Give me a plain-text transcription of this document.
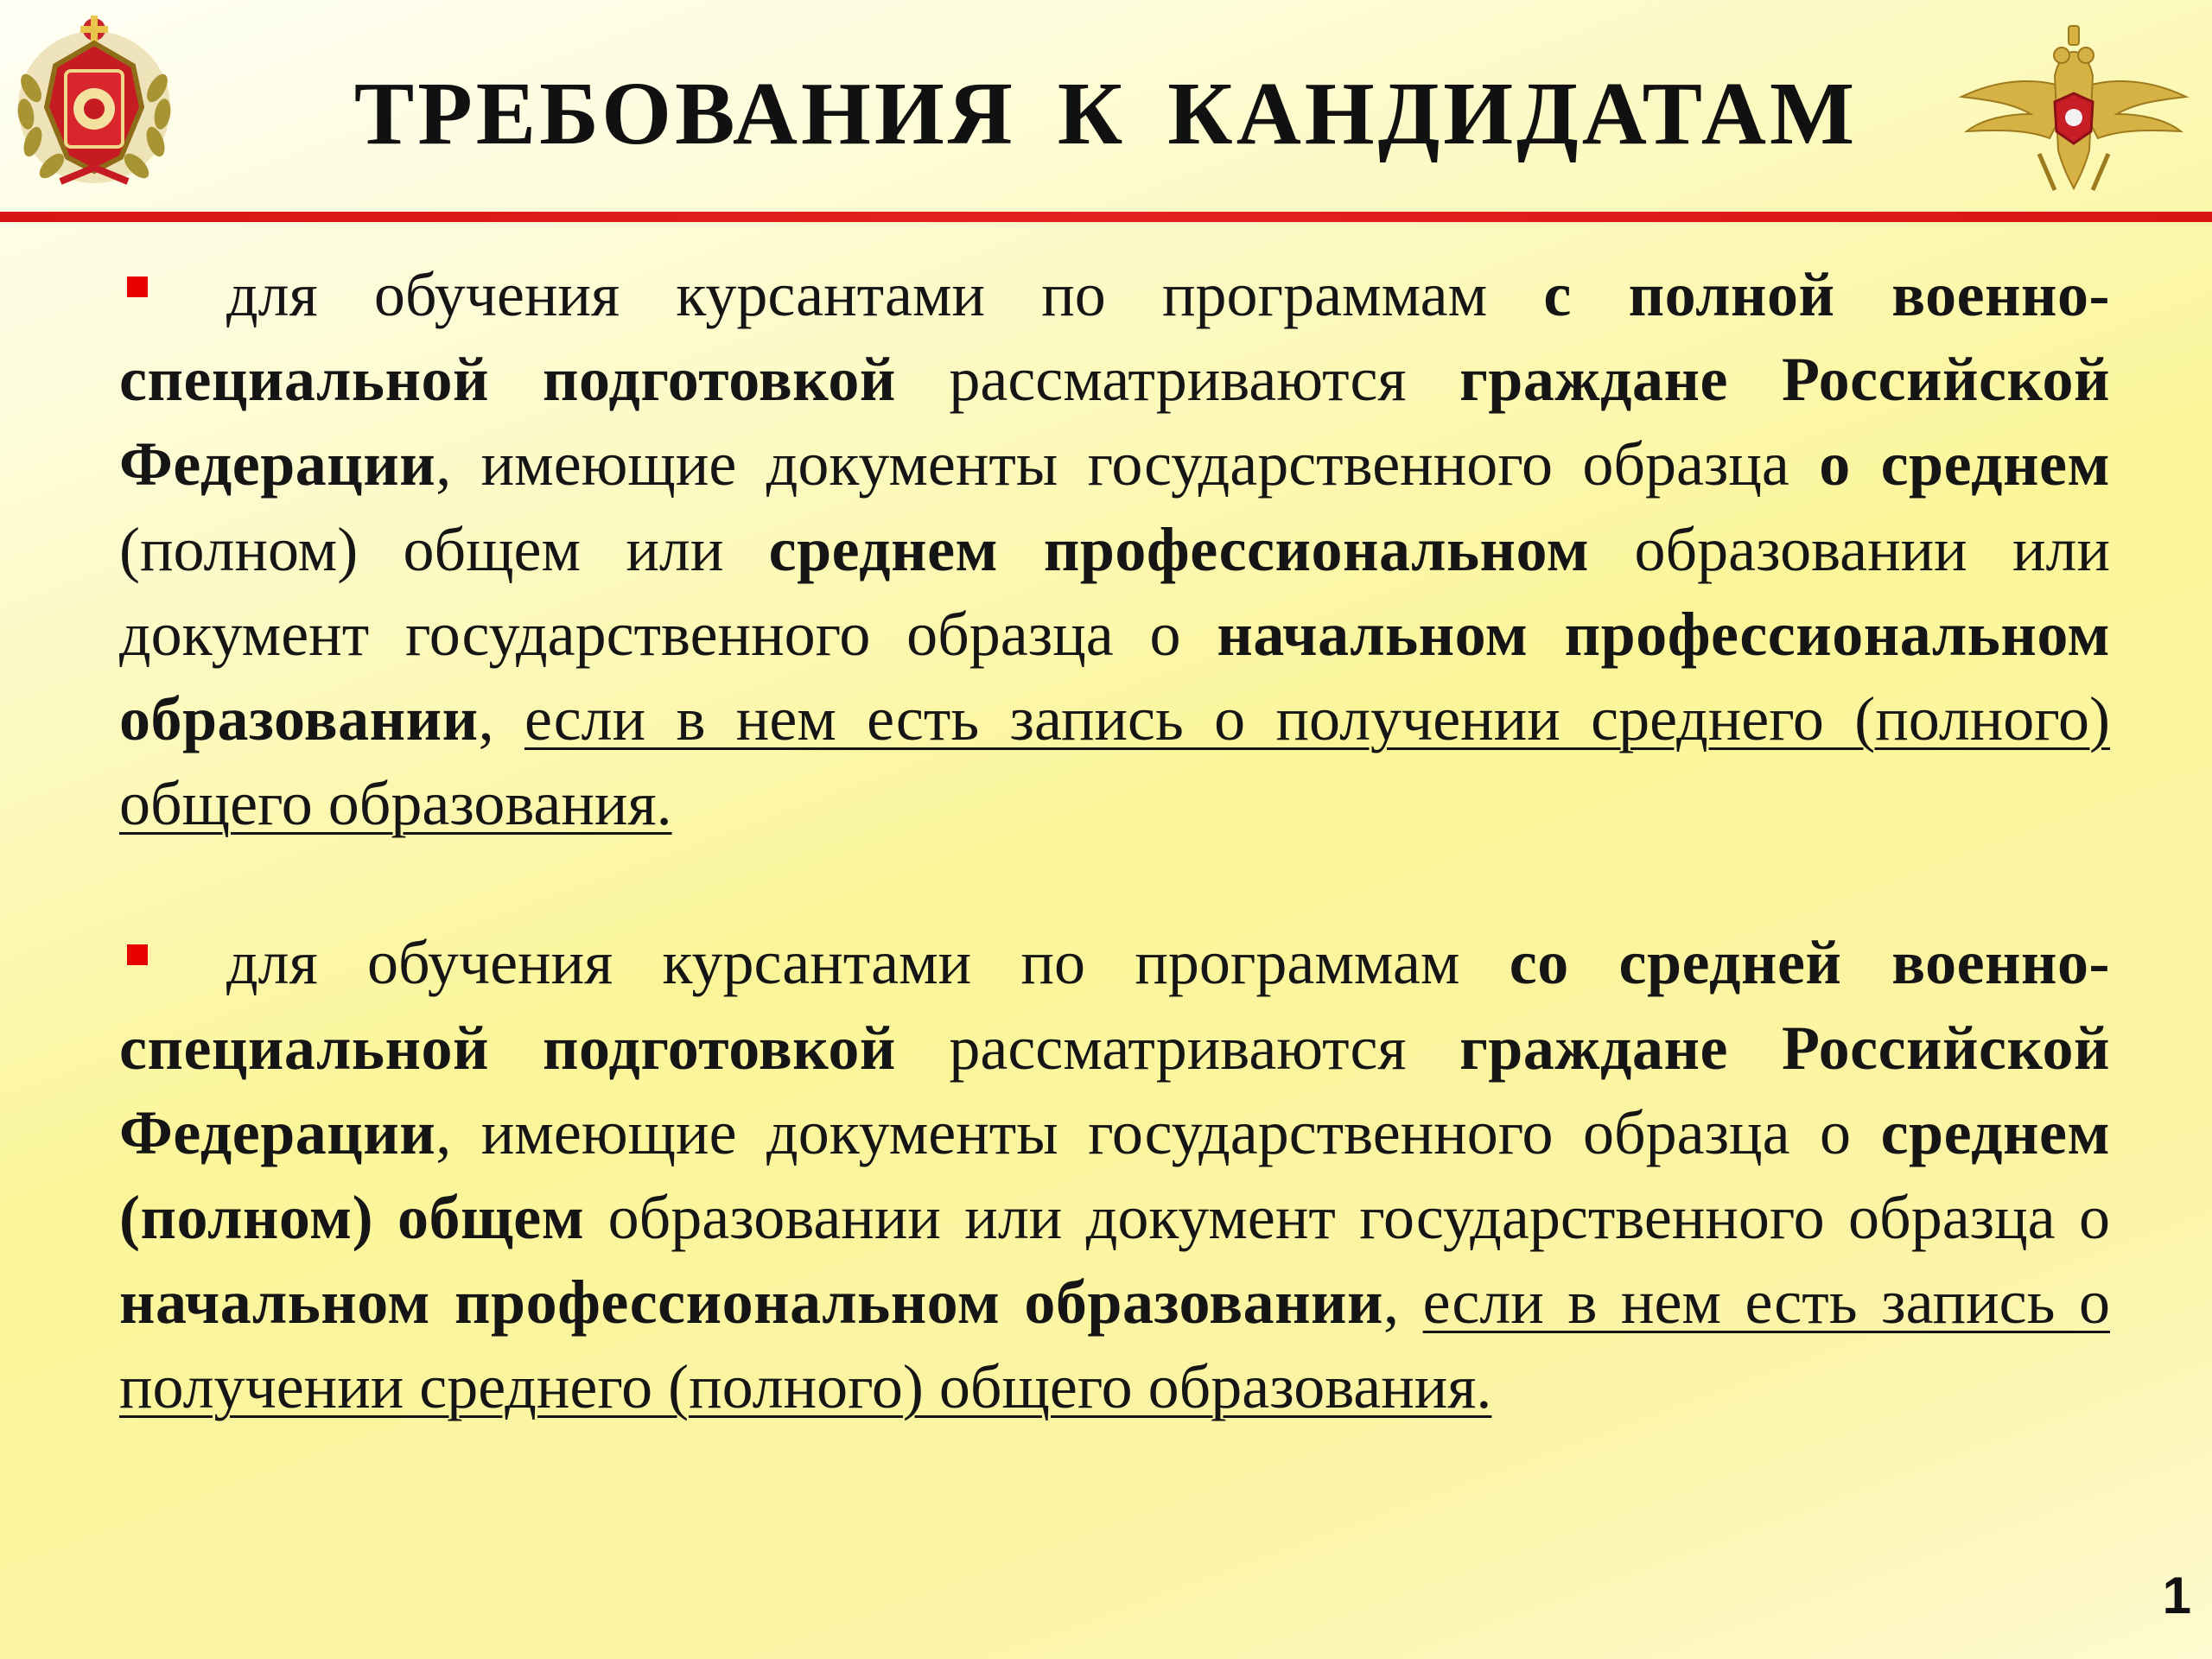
ТРЕБОВАНИЯ К КАНДИДАТАМ

для обучения курсантами по программам с полной военно-специальной подготовкой рассматриваются граждане Российской Федерации, имеющие документы государственного образца о среднем (полном) общем или среднем профессиональном образовании или документ государственного образца о начальном профессиональном образовании, если в нем есть запись о получении среднего (полного) общего образования.

для обучения курсантами по программам со средней военно-специальной подготовкой рассматриваются граждане Российской Федерации, имеющие документы государственного образца о среднем (полном) общем образовании или документ государственного образца о начальном профессиональном образовании, если в нем есть запись о получении среднего (полного) общего образования.

1
